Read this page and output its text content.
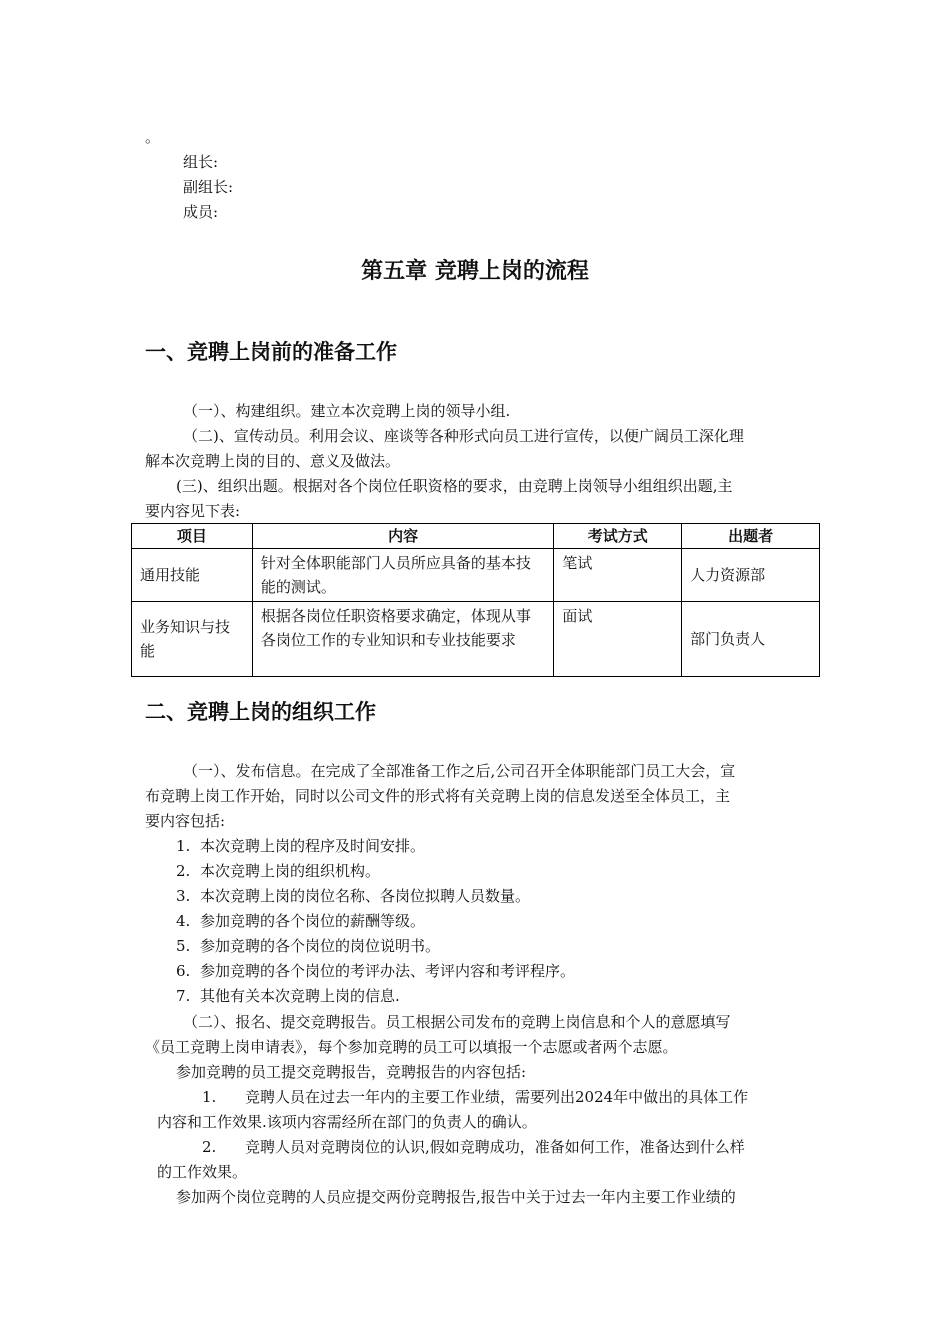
。
组长:
副组长:
成员:
第五章 竞聘上岗的流程
一、竞聘上岗前的准备工作
（一）、构建组织。建立本次竞聘上岗的领导小组.
（二)、宣传动员。利用会议、座谈等各种形式向员工进行宣传，以便广阔员工深化理
解本次竞聘上岗的目的、意义及做法。
(三)、组织出题。根据对各个岗位任职资格的要求，由竞聘上岗领导小组组织出题,主
要内容见下表:
项目	内容	考试方式	出题者
通用技能	针对全体职能部门人员所应具备的基本技能的测试。	笔试	人力资源部
业务知识与技能	根据各岗位任职资格要求确定，体现从事各岗位工作的专业知识和专业技能要求	面试	部门负责人
二、竞聘上岗的组织工作
（一）、发布信息。在完成了全部准备工作之后,公司召开全体职能部门员工大会，宣
布竞聘上岗工作开始，同时以公司文件的形式将有关竞聘上岗的信息发送至全体员工，主
要内容包括:
1. 本次竞聘上岗的程序及时间安排。
2. 本次竞聘上岗的组织机构。
3. 本次竞聘上岗的岗位名称、各岗位拟聘人员数量。
4. 参加竞聘的各个岗位的薪酬等级。
5. 参加竞聘的各个岗位的岗位说明书。
6. 参加竞聘的各个岗位的考评办法、考评内容和考评程序。
7. 其他有关本次竞聘上岗的信息.
（二）、报名、提交竞聘报告。员工根据公司发布的竞聘上岗信息和个人的意愿填写
《员工竞聘上岗申请表》，每个参加竞聘的员工可以填报一个志愿或者两个志愿。
参加竞聘的员工提交竞聘报告，竞聘报告的内容包括:
1. 竞聘人员在过去一年内的主要工作业绩，需要列出2024年中做出的具体工作
内容和工作效果.该项内容需经所在部门的负责人的确认。
2. 竞聘人员对竞聘岗位的认识,假如竞聘成功，准备如何工作，准备达到什么样
的工作效果。
参加两个岗位竞聘的人员应提交两份竞聘报告,报告中关于过去一年内主要工作业绩的
